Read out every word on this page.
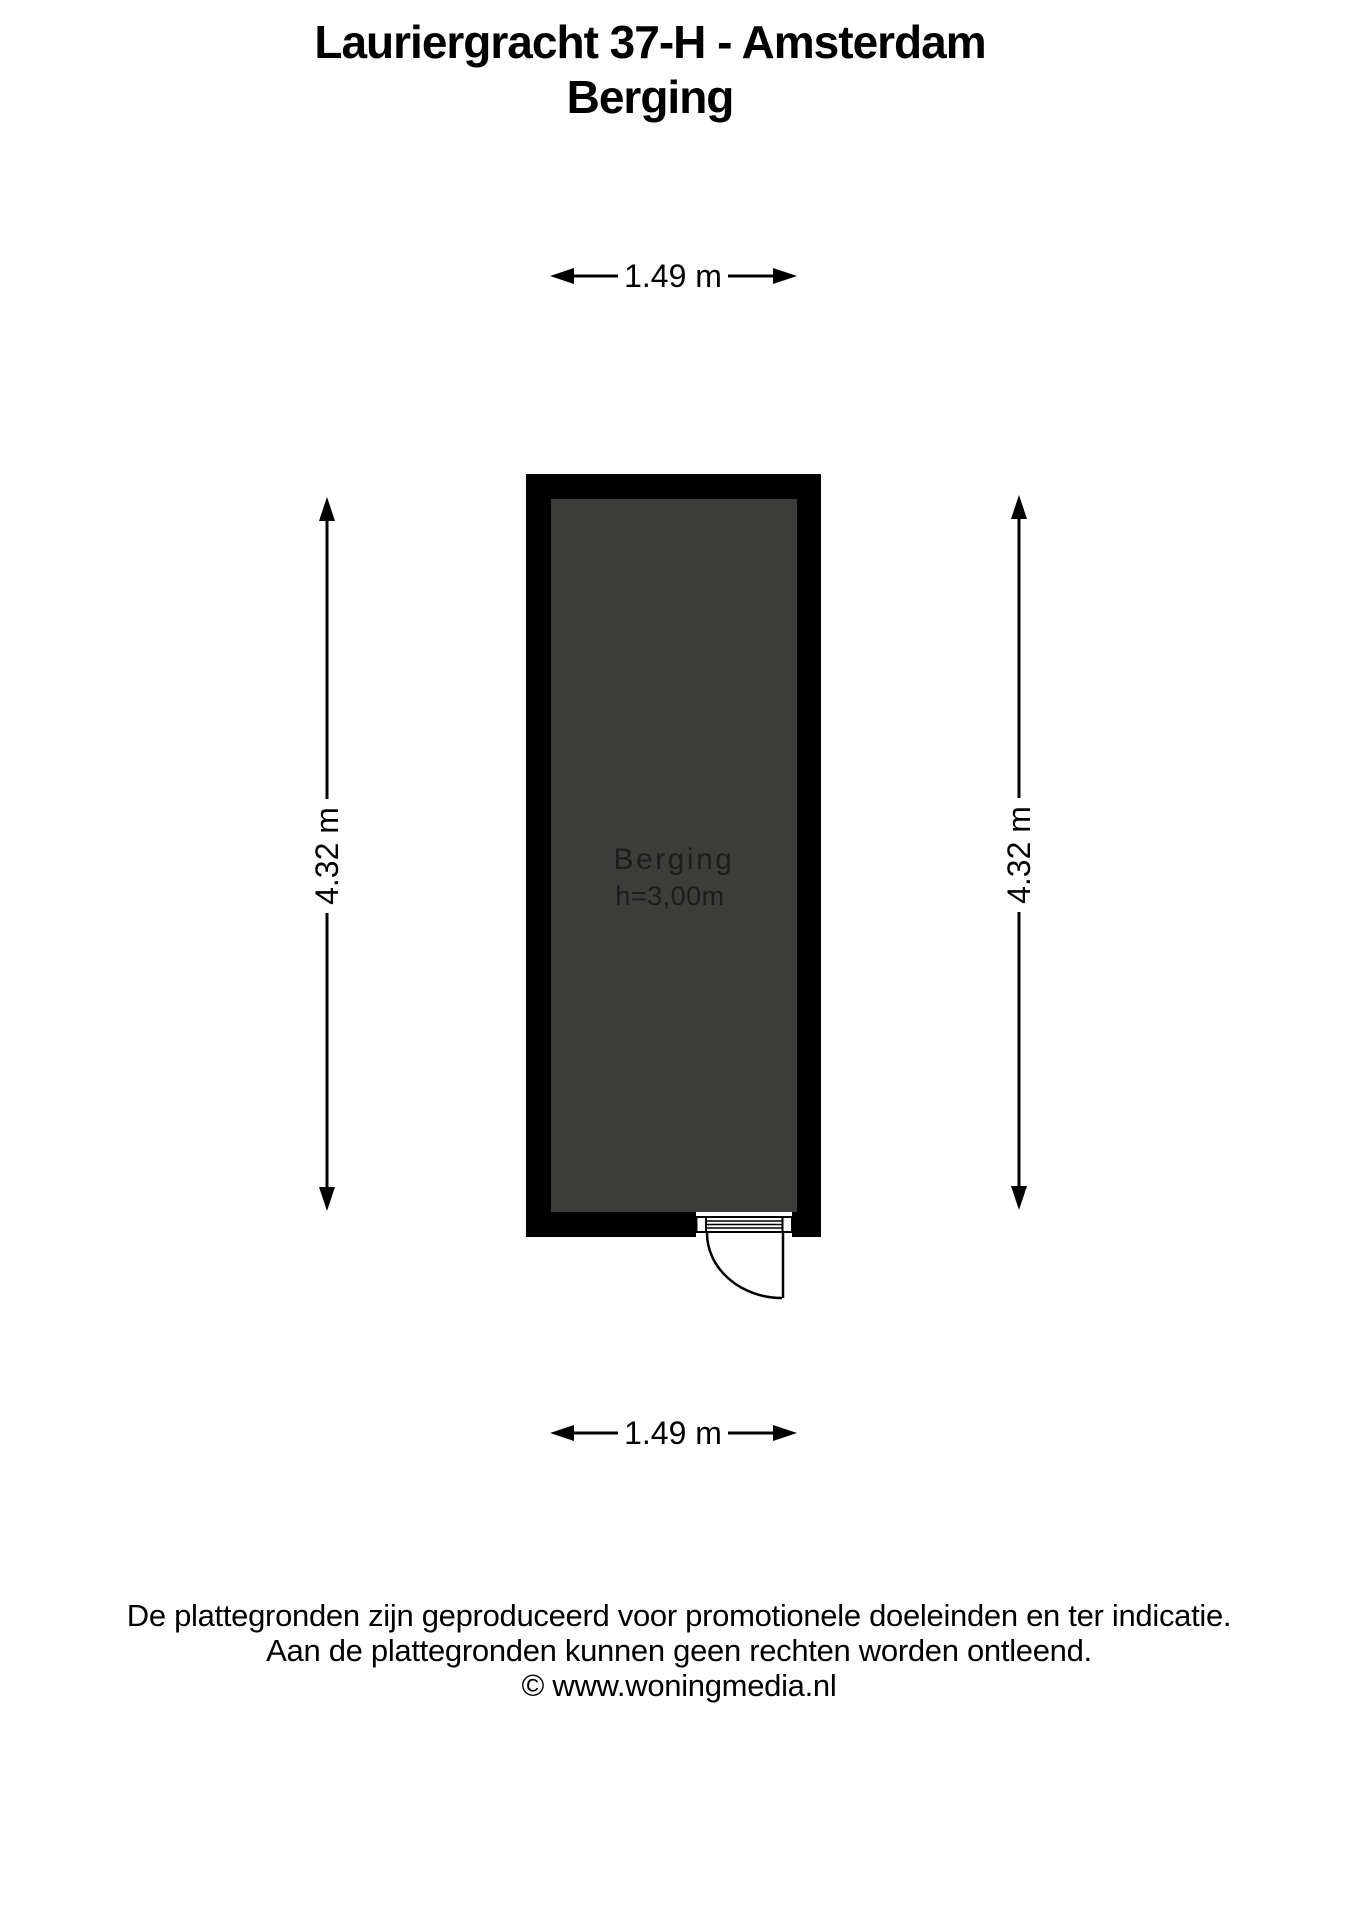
Lauriergracht 37-H - Amsterdam
Berging
1.49 m
Berging
h=3,00m
4.32 m	4.32 m
1.49 m
De plattegronden zijn geproduceerd voor promotionele doeleinden en ter indicatie.
Aan de plattegronden kunnen geen rechten worden ontleend.
© www.woningmedia.nl
